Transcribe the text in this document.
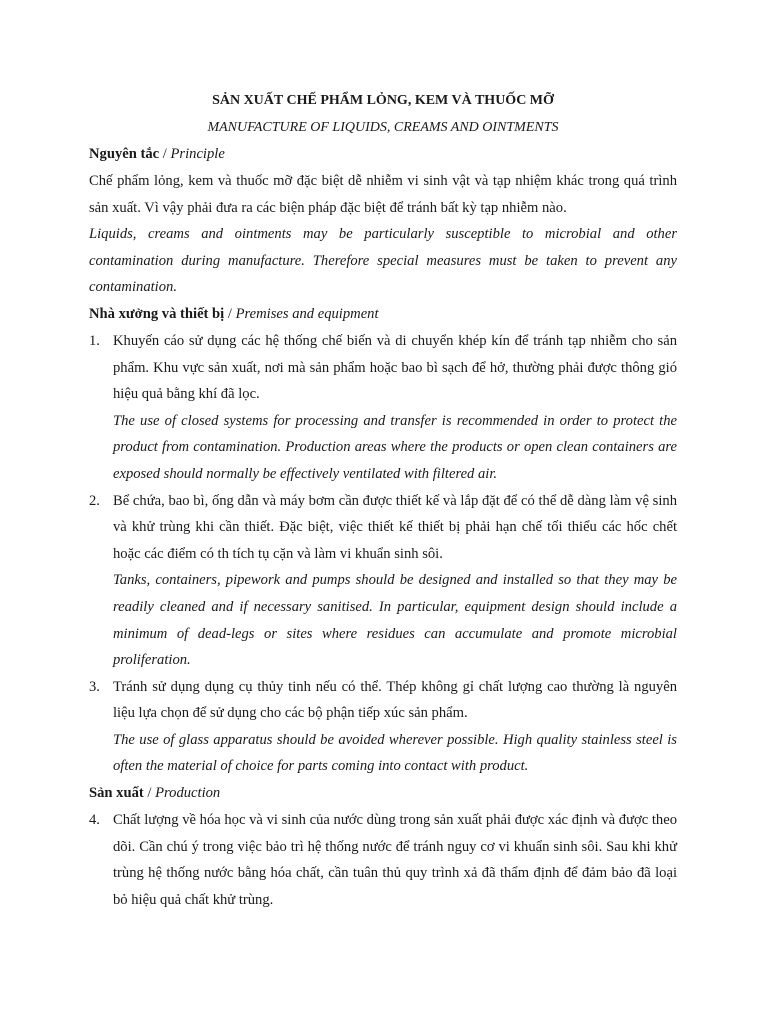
SẢN XUẤT CHẾ PHẨM LỎNG, KEM VÀ THUỐC MỠ

MANUFACTURE OF LIQUIDS, CREAMS AND OINTMENTS

Nguyên tắc / Principle

Chế phẩm lỏng, kem và thuốc mỡ đặc biệt dễ nhiễm vi sinh vật và tạp nhiệm khác trong quá trình sản xuất. Vì vậy phải đưa ra các biện pháp đặc biệt để tránh bất kỳ tạp nhiễm nào.

Liquids, creams and ointments may be particularly susceptible to microbial and other contamination during manufacture. Therefore special measures must be taken to prevent any contamination.

Nhà xưởng và thiết bị / Premises and equipment
1. Khuyến cáo sử dụng các hệ thống chế biến và di chuyển khép kín để tránh tạp nhiễm cho sản phẩm. Khu vực sản xuất, nơi mà sản phẩm hoặc bao bì sạch để hở, thường phải được thông gió hiệu quả bằng khí đã lọc.

The use of closed systems for processing and transfer is recommended in order to protect the product from contamination. Production areas where the products or open clean containers are exposed should normally be effectively ventilated with filtered air.

2. Bể chứa, bao bì, ống dẫn và máy bơm cần được thiết kế và lắp đặt để có thể dễ dàng làm vệ sinh và khử trùng khi cần thiết. Đặc biệt, việc thiết kế thiết bị phải hạn chế tối thiểu các hốc chết hoặc các điểm có th tích tụ cặn và làm vi khuẩn sinh sôi.

Tanks, containers, pipework and pumps should be designed and installed so that they may be readily cleaned and if necessary sanitised. In particular, equipment design should include a minimum of dead-legs or sites where residues can accumulate and promote microbial proliferation.

3. Tránh sử dụng dụng cụ thủy tinh nếu có thể. Thép không gỉ chất lượng cao thường là nguyên liệu lựa chọn để sử dụng cho các bộ phận tiếp xúc sản phẩm.

The use of glass apparatus should be avoided wherever possible. High quality stainless steel is often the material of choice for parts coming into contact with product.

Sản xuất / Production
4. Chất lượng về hóa học và vi sinh của nước dùng trong sản xuất phải được xác định và được theo dõi. Cần chú ý trong việc bảo trì hệ thống nước để tránh nguy cơ vi khuẩn sinh sôi. Sau khi khử trùng hệ thống nước bằng hóa chất, cần tuân thủ quy trình xả đã thẩm định để đảm bảo đã loại bỏ hiệu quả chất khử trùng.
